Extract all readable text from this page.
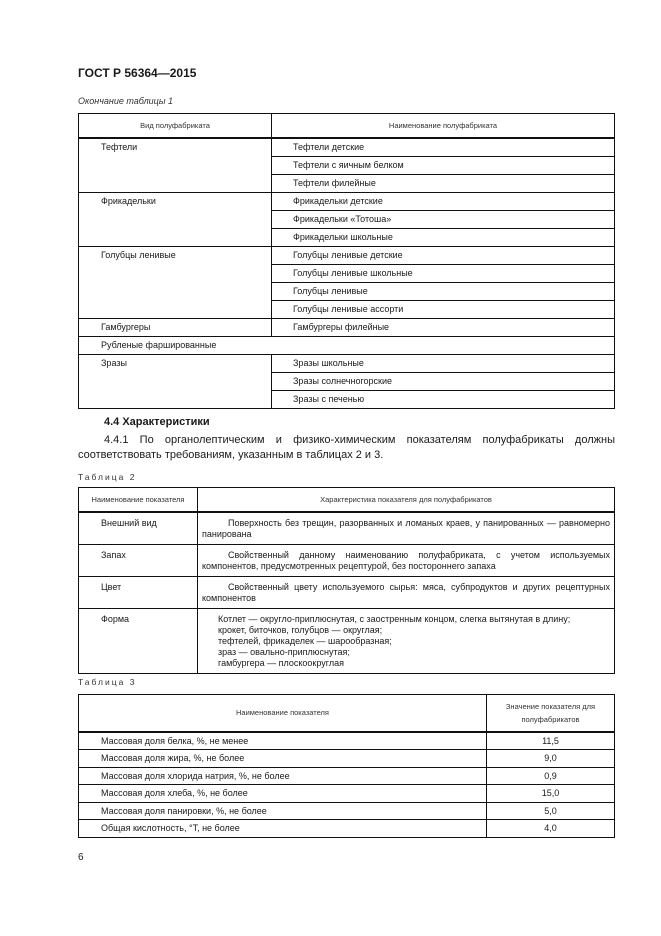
ГОСТ Р 56364—2015
Окончание таблицы 1
Вид полуфабриката	Наименование полуфабриката
Тефтели	Тефтели детские
	Тефтели с яичным белком
	Тефтели филейные
Фрикадельки	Фрикадельки детские
	Фрикадельки «Тотоша»
	Фрикадельки школьные
Голубцы ленивые	Голубцы ленивые детские
	Голубцы ленивые школьные
	Голубцы ленивые
	Голубцы ленивые ассорти
Гамбургеры	Гамбургеры филейные
Рубленые фаршированные	
Зразы	Зразы школьные
	Зразы солнечногорские
	Зразы с печенью
4.4 Характеристики
4.4.1 По органолептическим и физико-химическим показателям полуфабрикаты должны соответствовать требованиям, указанным в таблицах 2 и 3.
Таблица 2
Наименование показателя	Характеристика показателя для полуфабрикатов
Внешний вид	Поверхность без трещин, разорванных и ломаных краев, у панированных — равномерно панирована

Запах	Свойственный данному наименованию полуфабриката, с учетом используемых компонентов, предусмотренных рецептурой, без постороннего запаха

Цвет	Свойственный цвету используемого сырья: мяса, субпродуктов и других рецептурных компонентов

Форма	Котлет — округло-приплюснутая, с заостренным концом, слегка вытянутая в длину;
крокет, биточков, голубцов — округлая;
тефтелей, фрикаделек — шарообразная;
зраз — овально-приплюснутая;
гамбургера — плоскоокруглая
Таблица 3
Наименование показателя	Значение показателя для полуфабрикатов
Массовая доля белка, %, не менее	11,5
Массовая доля жира, %, не более	9,0
Массовая доля хлорида натрия, %, не более	0,9
Массовая доля хлеба, %, не более	15,0
Массовая доля панировки, %, не более	5,0
Общая кислотность, °Т, не более	4,0
6
